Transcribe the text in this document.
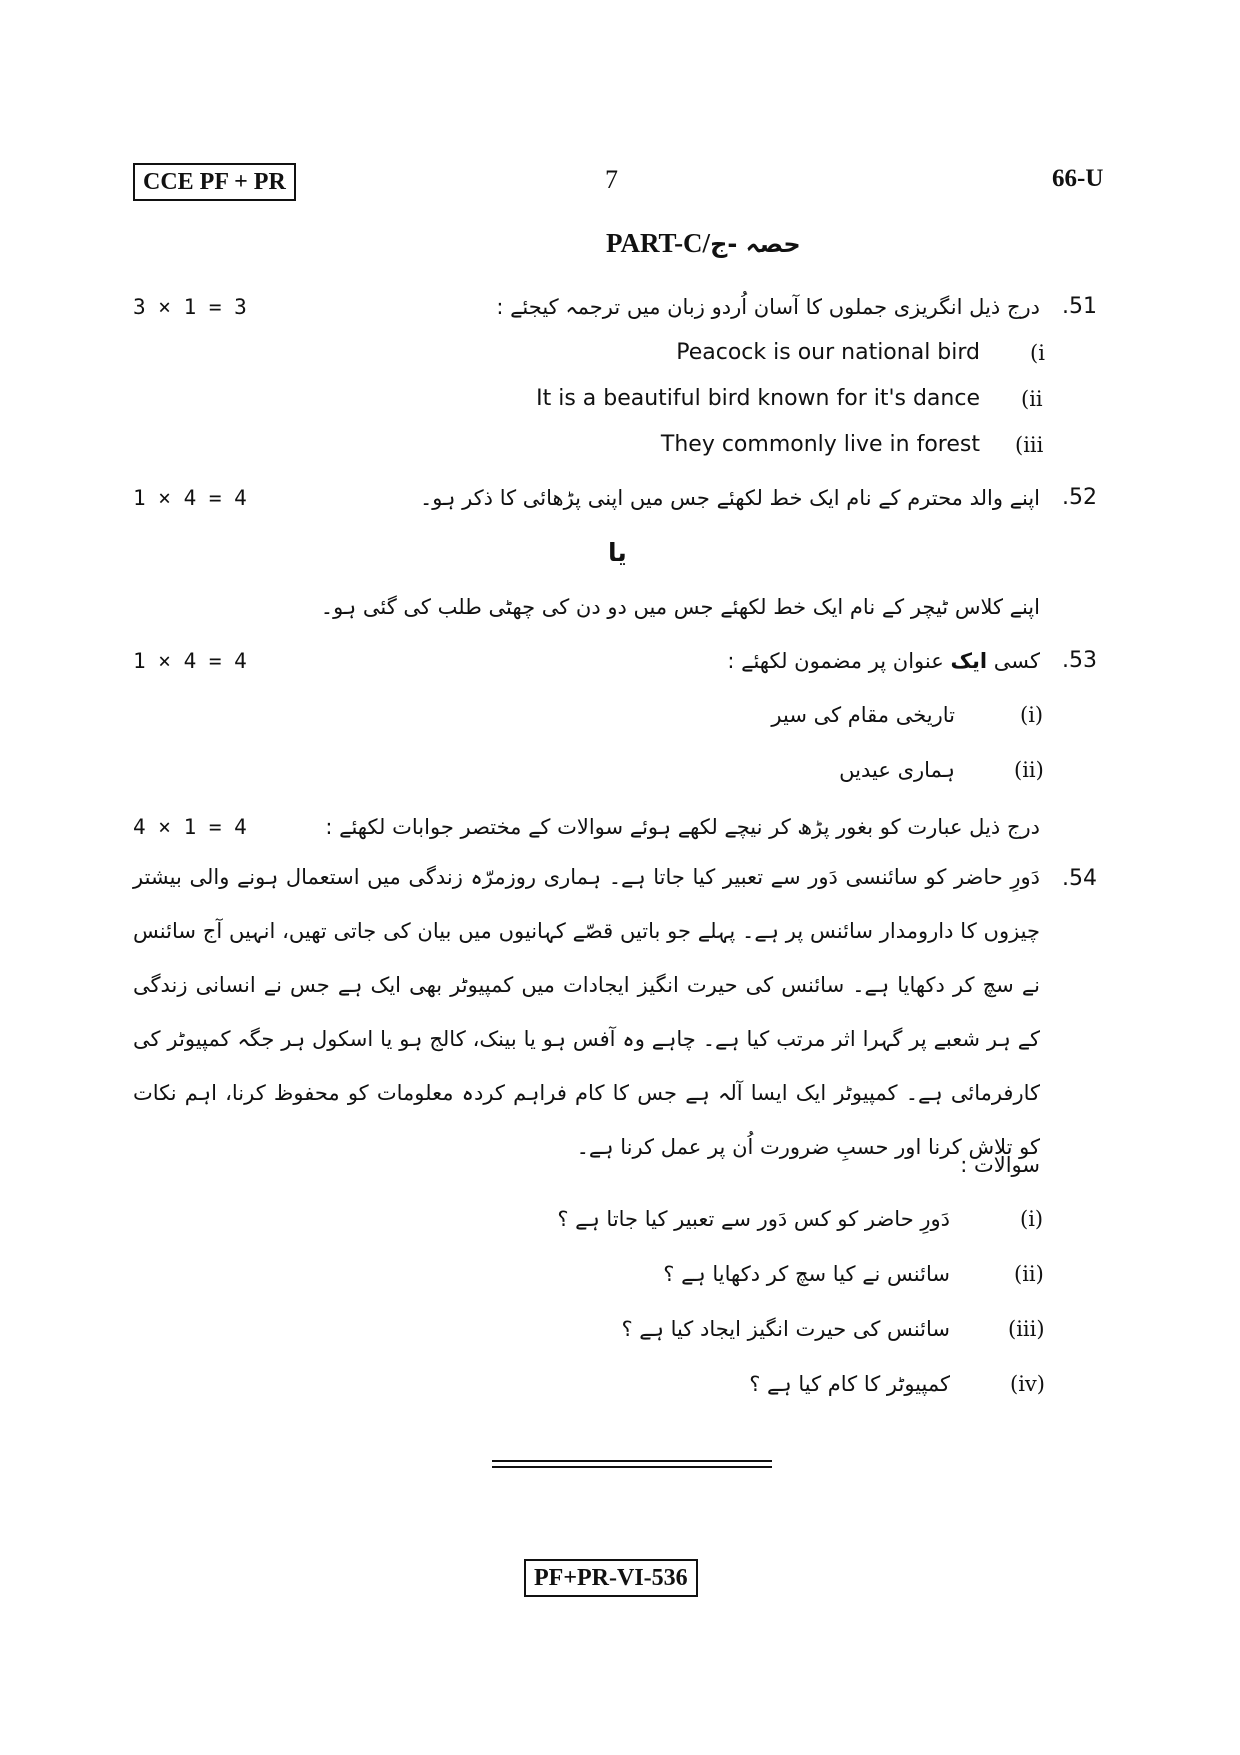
CCE PF + PR	7	66-U
PART-C/حصہ -ج
3 × 1 = 3	درج ذیل انگریزی جملوں کا آسان اُردو زبان میں ترجمہ کیجئے : .51
Peacock is our national bird (i
It is a beautiful bird known for it's dance (ii
They commonly live in forest (iii
1 × 4 = 4	اپنے والد محترم کے نام ایک خط لکھئے جس میں اپنی پڑھائی کا ذکر ہو۔ .52
یا
اپنے کلاس ٹیچر کے نام ایک خط لکھئے جس میں دو دن کی چھٹی طلب کی گئی ہو۔
1 × 4 = 4	کسی ایک عنوان پر مضمون لکھئے :	.53
(i)
تاریخی مقام کی سیر
(ii)
ہماری عیدیں
4 × 1 = 4	درج ذیل عبارت کو بغور پڑھ کر نیچے لکھے ہوئے سوالات کے مختصر جوابات لکھئے :
.54
دَورِ حاضر کو سائنسی دَور سے تعبیر کیا جاتا ہے۔ ہماری روزمرّہ زندگی میں استعمال ہونے والی بیشتر چیزوں کا دارومدار سائنس پر ہے۔ پہلے جو باتیں قصّے کہانیوں میں بیان کی جاتی تھیں، انہیں آج سائنس نے سچ کر دکھایا ہے۔ سائنس کی حیرت انگیز ایجادات میں کمپیوٹر بھی ایک ہے جس نے انسانی زندگی کے ہر شعبے پر گہرا اثر مرتب کیا ہے۔ چاہے وہ آفس ہو یا بینک، کالج ہو یا اسکول ہر جگہ کمپیوٹر کی کارفرمائی ہے۔ کمپیوٹر ایک ایسا آلہ ہے جس کا کام فراہم کردہ معلومات کو محفوظ کرنا، اہم نکات کو تلاش کرنا اور حسبِ ضرورت اُن پر عمل کرنا ہے۔
سوالات :
(i)
دَورِ حاضر کو کس دَور سے تعبیر کیا جاتا ہے ؟
(ii)
سائنس نے کیا سچ کر دکھایا ہے ؟
(iii)
سائنس کی حیرت انگیز ایجاد کیا ہے ؟
(iv)
کمپیوٹر کا کام کیا ہے ؟
PF+PR-VI-536
